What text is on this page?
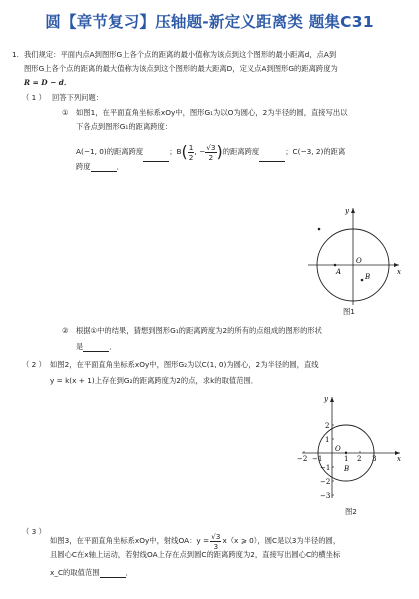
圆【章节复习】压轴题-新定义距离类 题集C31
1. 我们规定：平面内点A到图形G上各个点的距离的最小值称为该点到这个图形的最小距离d，点A到
图形G上各个点的距离的最大值称为该点到这个图形的最大距离D，定义点A到图形G的距离跨度为
R = D − d．
（ 1 ） 回答下列问题：
① 如图1，在平面直角坐标系xOy中，图形G₁为以O为圆心，2为半径的圆，直接写出以
下各点到图形G₁的距离跨度：
A(−1, 0)的距离跨度	；$B( \frac{1}{2}$ , − $\frac{√3}{2}$ )的距离跨度	；C(−3, 2)的距离
跨度	．
x
y
O
A
B
图1
② 根据①中的结果，猜想到图形G₁的距离跨度为2的所有的点组成的图形的形状
是	．
（ 2 ） 如图2，在平面直角坐标系xOy中，图形G₂为以C(1, 0)为圆心，2为半径的圆，直线
y = k(x + 1)上存在到G₂的距离跨度为2的点，求k的取值范围．
−2 −1	1 2 3
2
1
−1
−2
−3
x
y
O
B
图2
（ 3 ）
如图3，在平面直角坐标系xOy中，射线OA：$y = \frac{√3}{3} x(x$ ⩾ 0），圆C是以3为半径的圆，
且圆心C在x轴上运动，若射线OA上存在点到圆C的距离跨度为2，直接写出圆心C的横坐标
x_C的取值范围	．
